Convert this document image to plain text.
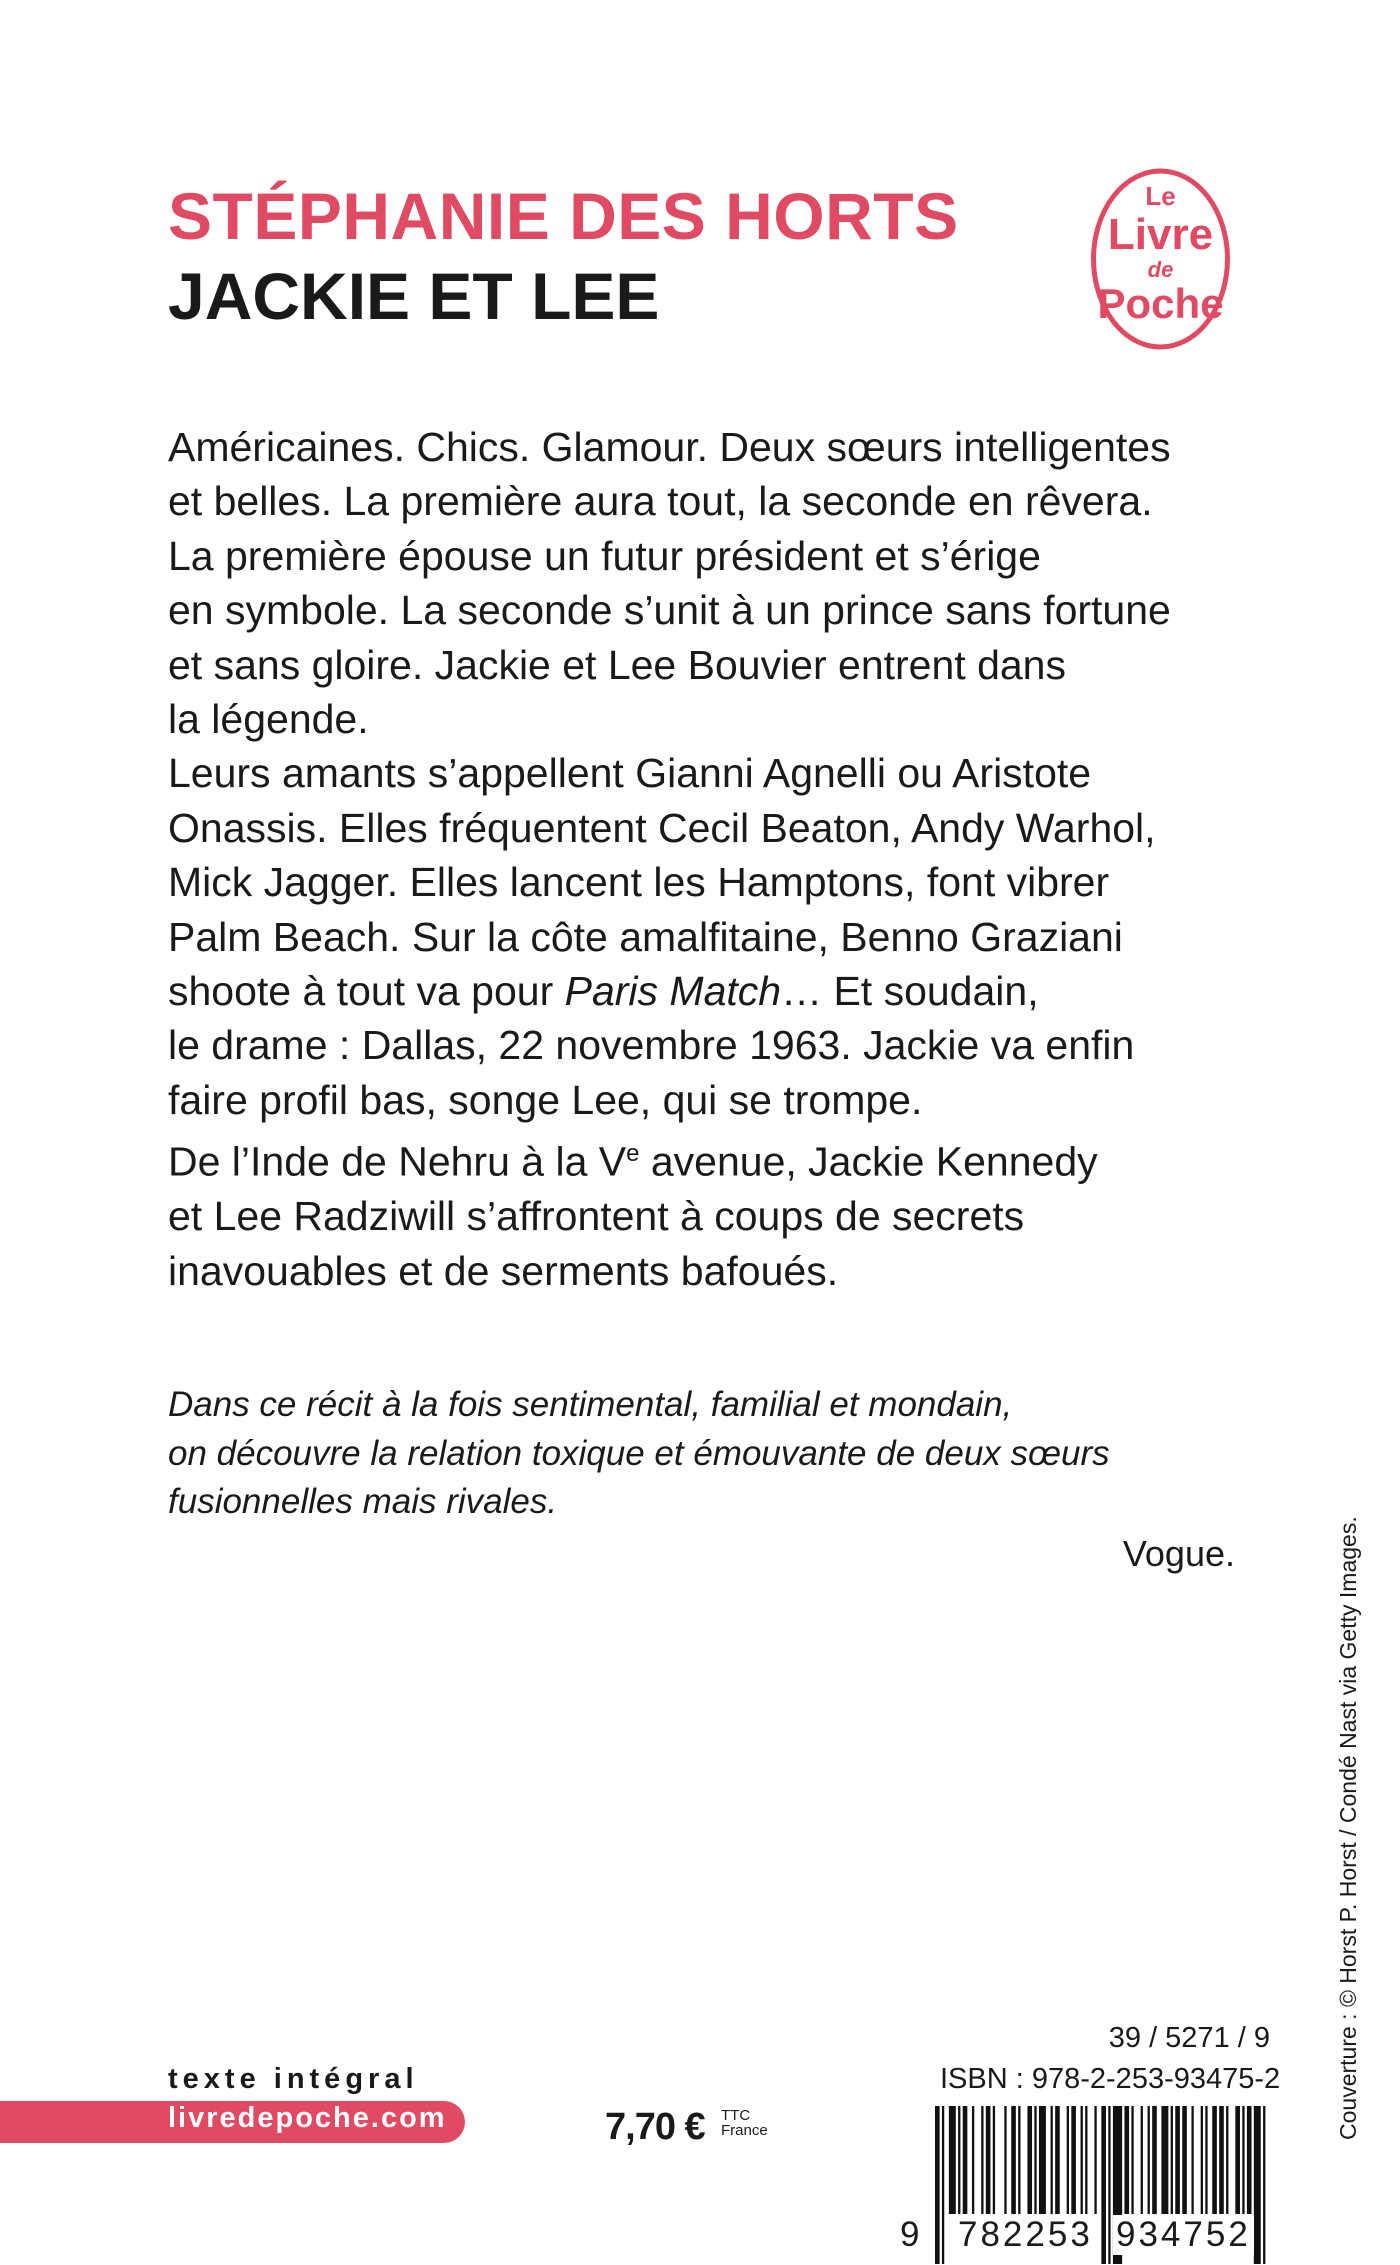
STÉPHANIE DES HORTS
JACKIE ET LEE
Le
Livre
de
Poche

Américaines. Chics. Glamour. Deux sœurs intelligentes

et belles. La première aura tout, la seconde en rêvera.

La première épouse un futur président et s’érige

en symbole. La seconde s’unit à un prince sans fortune

et sans gloire. Jackie et Lee Bouvier entrent dans

la légende.

Leurs amants s’appellent Gianni Agnelli ou Aristote

Onassis. Elles fréquentent Cecil Beaton, Andy Warhol,

Mick Jagger. Elles lancent les Hamptons, font vibrer

Palm Beach. Sur la côte amalfitaine, Benno Graziani

shoote à tout va pour Paris Match… Et soudain,

le drame : Dallas, 22 novembre 1963. Jackie va enfin

faire profil bas, songe Lee, qui se trompe.

De l’Inde de Nehru à la Ve avenue, Jackie Kennedy

et Lee Radziwill s’affrontent à coups de secrets

inavouables et de serments bafoués.

Dans ce récit à la fois sentimental, familial et mondain,

on découvre la relation toxique et émouvante de deux sœurs

fusionnelles mais rivales.

Vogue.	Couverture : © Horst P. Horst / Condé Nast via Getty Images.
texte intégral
livredepoche.com	7,70 € TTC
France
39 / 5271 / 9
ISBN : 978-2-253-93475-2
9 782253 934752
